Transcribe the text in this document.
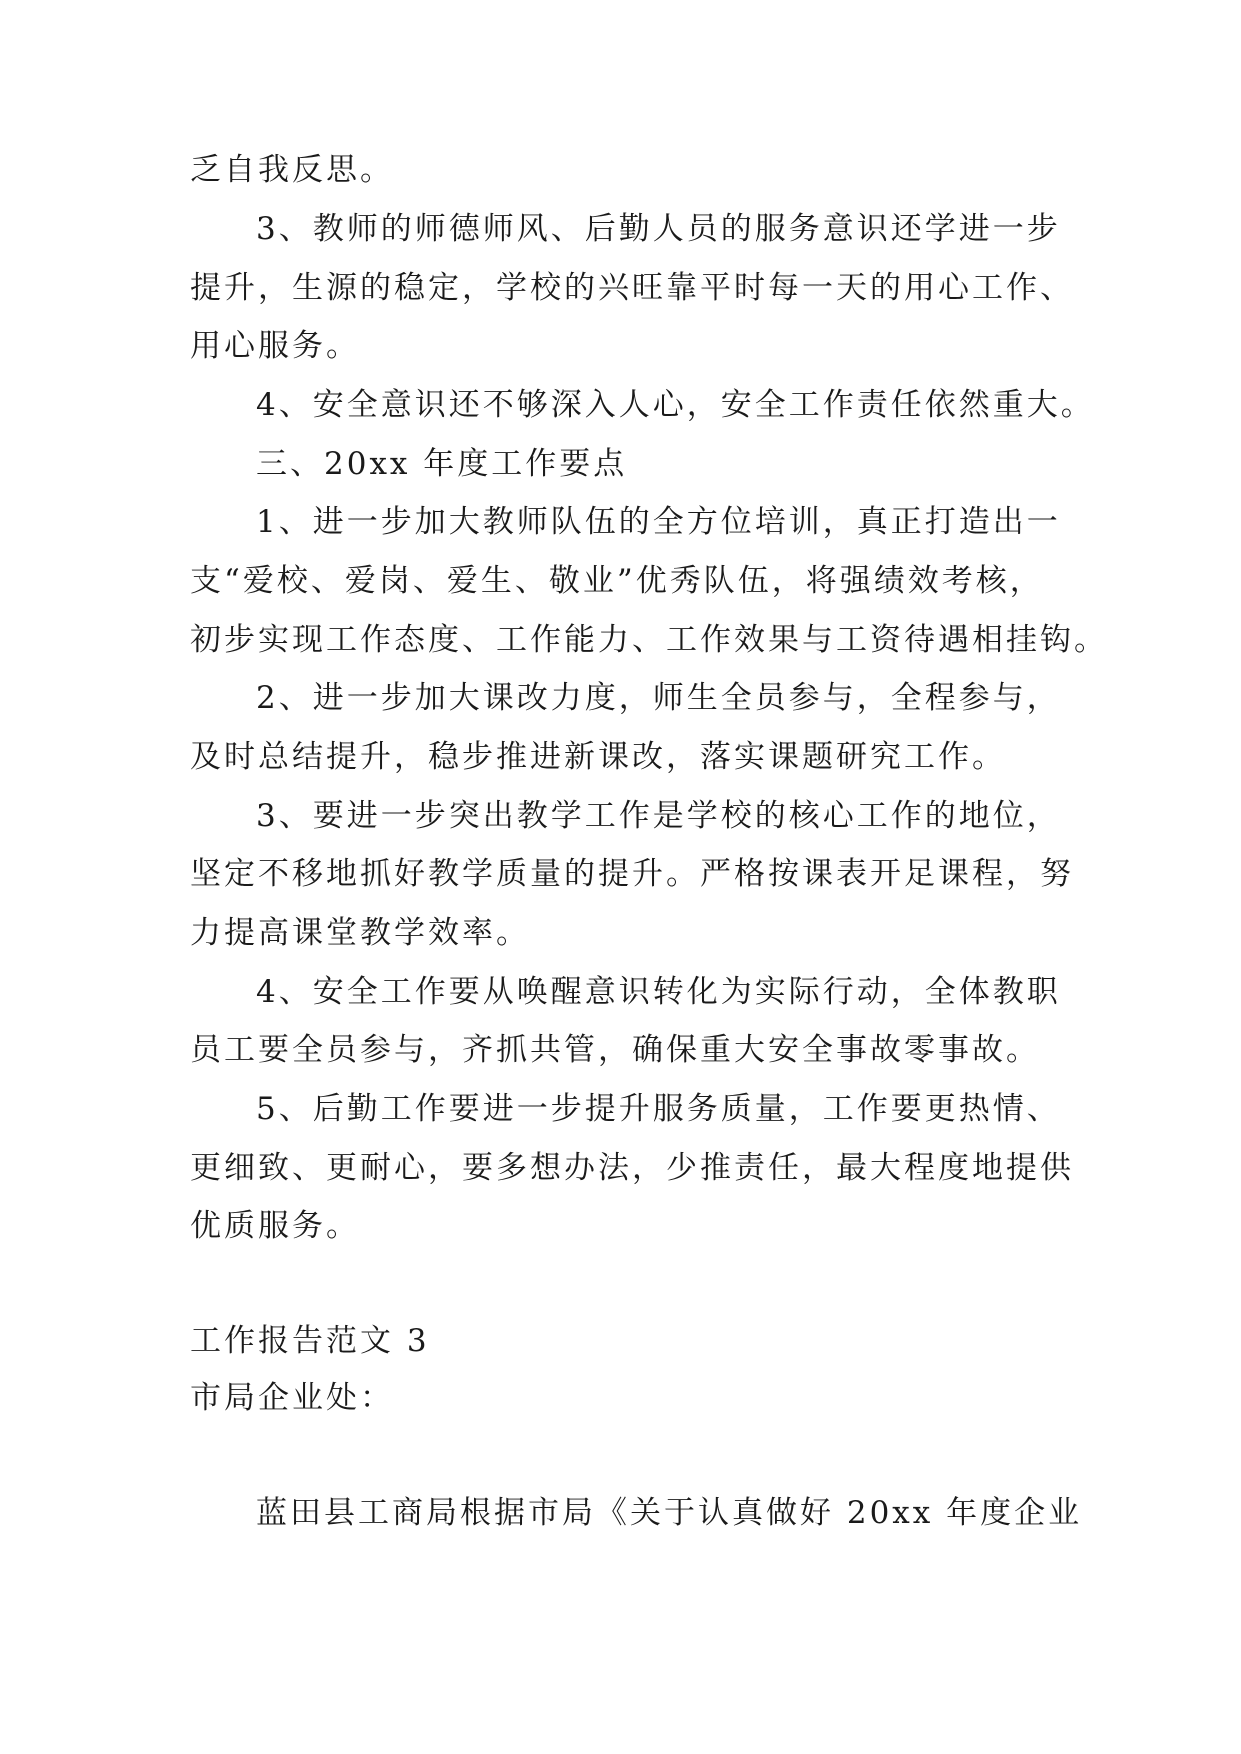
乏自我反思。
3、教师的师德师风、后勤人员的服务意识还学进一步
提升，生源的稳定，学校的兴旺靠平时每一天的用心工作、
用心服务。
4、安全意识还不够深入人心，安全工作责任依然重大。
三、20xx 年度工作要点
1、进一步加大教师队伍的全方位培训，真正打造出一
支“爱校、爱岗、爱生、敬业”优秀队伍，将强绩效考核，
初步实现工作态度、工作能力、工作效果与工资待遇相挂钩。
2、进一步加大课改力度，师生全员参与，全程参与，
及时总结提升，稳步推进新课改，落实课题研究工作。
3、要进一步突出教学工作是学校的核心工作的地位，
坚定不移地抓好教学质量的提升。严格按课表开足课程，努
力提高课堂教学效率。
4、安全工作要从唤醒意识转化为实际行动，全体教职
员工要全员参与，齐抓共管，确保重大安全事故零事故。
5、后勤工作要进一步提升服务质量，工作要更热情、
更细致、更耐心，要多想办法，少推责任，最大程度地提供
优质服务。
工作报告范文 3
市局企业处：
蓝田县工商局根据市局《关于认真做好 20xx 年度企业
